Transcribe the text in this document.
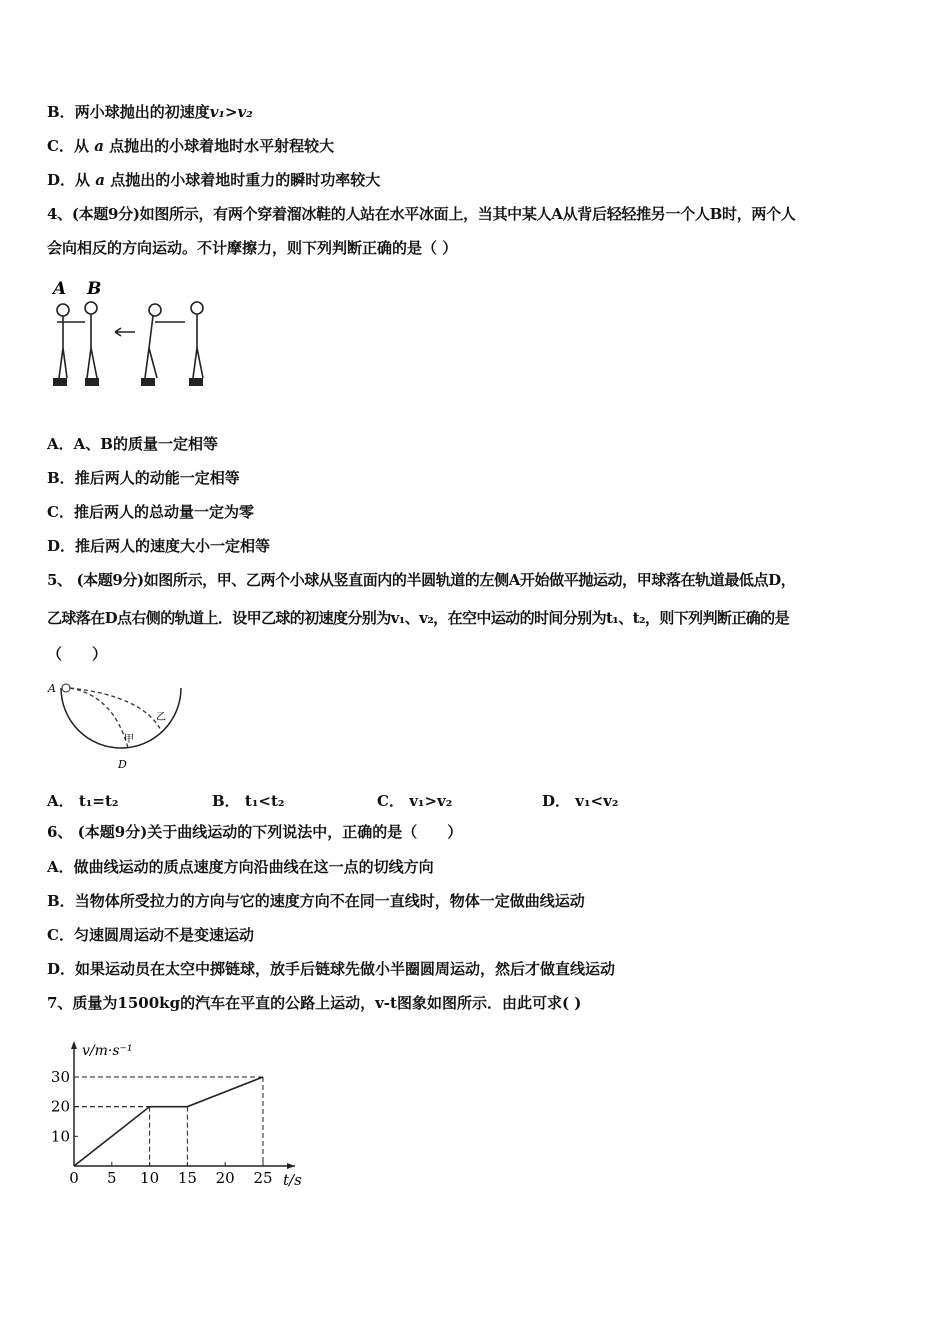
B．两小球抛出的初速度v₁>v₂
C．从 a 点抛出的小球着地时水平射程较大
D．从 a 点抛出的小球着地时重力的瞬时功率较大
4、(本题9分)如图所示，有两个穿着溜冰鞋的人站在水平冰面上，当其中某人A从背后轻轻推另一个人B时，两个人
会向相反的方向运动。不计摩擦力，则下列判断正确的是（ ）
A B
A．A、B的质量一定相等
B．推后两人的动能一定相等
C．推后两人的总动量一定为零
D．推后两人的速度大小一定相等
5、 (本题9分)如图所示，甲、乙两个小球从竖直面内的半圆轨道的左侧A开始做平抛运动，甲球落在轨道最低点D，
乙球落在D点右侧的轨道上．设甲乙球的初速度分别为v₁、v₂，在空中运动的时间分别为t₁、t₂，则下列判断正确的是
（　　）
A
D
甲
乙
A． t₁=t₂	B． t₁<t₂	C． v₁>v₂	D． v₁<v₂
6、 (本题9分)关于曲线运动的下列说法中，正确的是（　　）
A．做曲线运动的质点速度方向沿曲线在这一点的切线方向
B．当物体所受拉力的方向与它的速度方向不在同一直线时，物体一定做曲线运动
C．匀速圆周运动不是变速运动
D．如果运动员在太空中掷链球，放手后链球先做小半圈圆周运动，然后才做直线运动
7、质量为1500kg的汽车在平直的公路上运动，v-t图象如图所示．由此可求( )
0 5 10 15 20 25
10
20
30
t/s
v/m·s⁻¹
